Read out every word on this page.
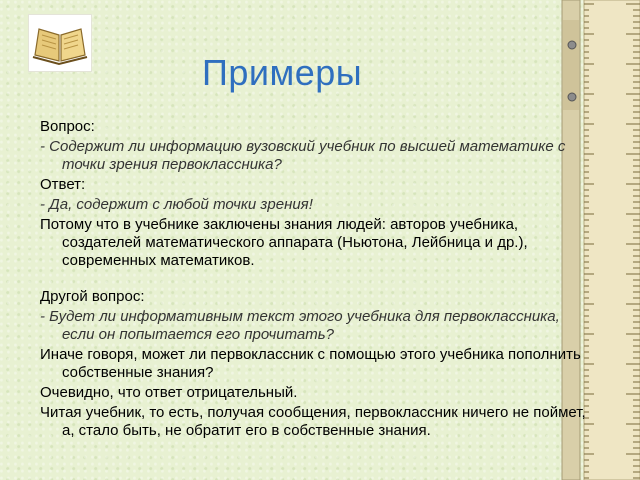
Примеры

Вопрос:

- Содержит ли информацию вузовский учебник по высшей математике с точки зрения первоклассника?

Ответ:

- Да, содержит с любой точки зрения!

Потому что в учебнике заключены знания людей: авторов учебника, создателей математического аппарата (Ньютона, Лейбница и др.), современных математиков.

Другой вопрос:

- Будет ли информативным текст этого учебника для первоклассника, если он попытается его прочитать?

Иначе говоря, может ли первоклассник с помощью этого учебника пополнить собственные знания?

Очевидно, что ответ отрицательный.

Читая учебник, то есть, получая сообщения, первоклассник ничего не поймет, а, стало быть, не обратит его в собственные знания.
